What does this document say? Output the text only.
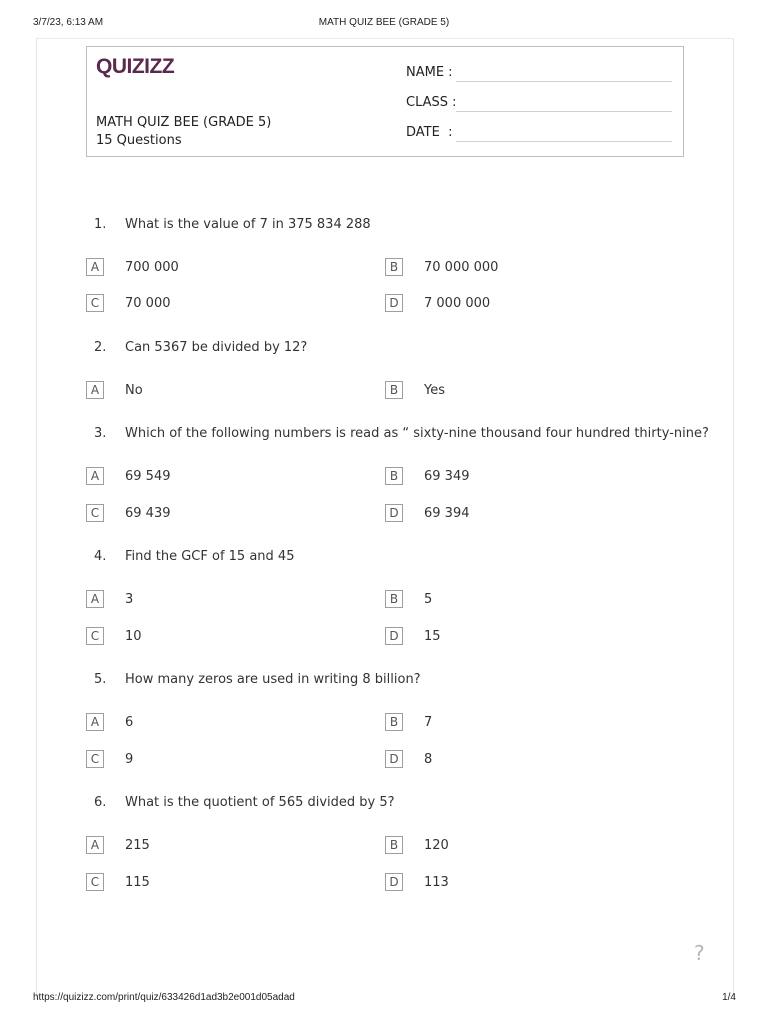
3/7/23, 6:13 AM	MATH QUIZ BEE (GRADE 5)
QUIZIZZ
MATH QUIZ BEE (GRADE 5)
15 Questions
NAME :
CLASS :
DATE  :
1. What is the value of 7 in 375 834 288
A	700 000	B	70 000 000
C	70 000	D	7 000 000
2. Can 5367 be divided by 12?
A	No	B	Yes
3. Which of the following numbers is read as “ sixty-nine thousand four hundred thirty-nine?
A	69 549	B	69 349
C	69 439	D	69 394
4. Find the GCF of 15 and 45
A	3	B	5
C	10	D	15
5. How many zeros are used in writing 8 billion?
A	6	B	7
C	9	D	8
6. What is the quotient of 565 divided by 5?
A	215	B	120
C	115	D	113
?
https://quizizz.com/print/quiz/633426d1ad3b2e001d05adad	1/4
